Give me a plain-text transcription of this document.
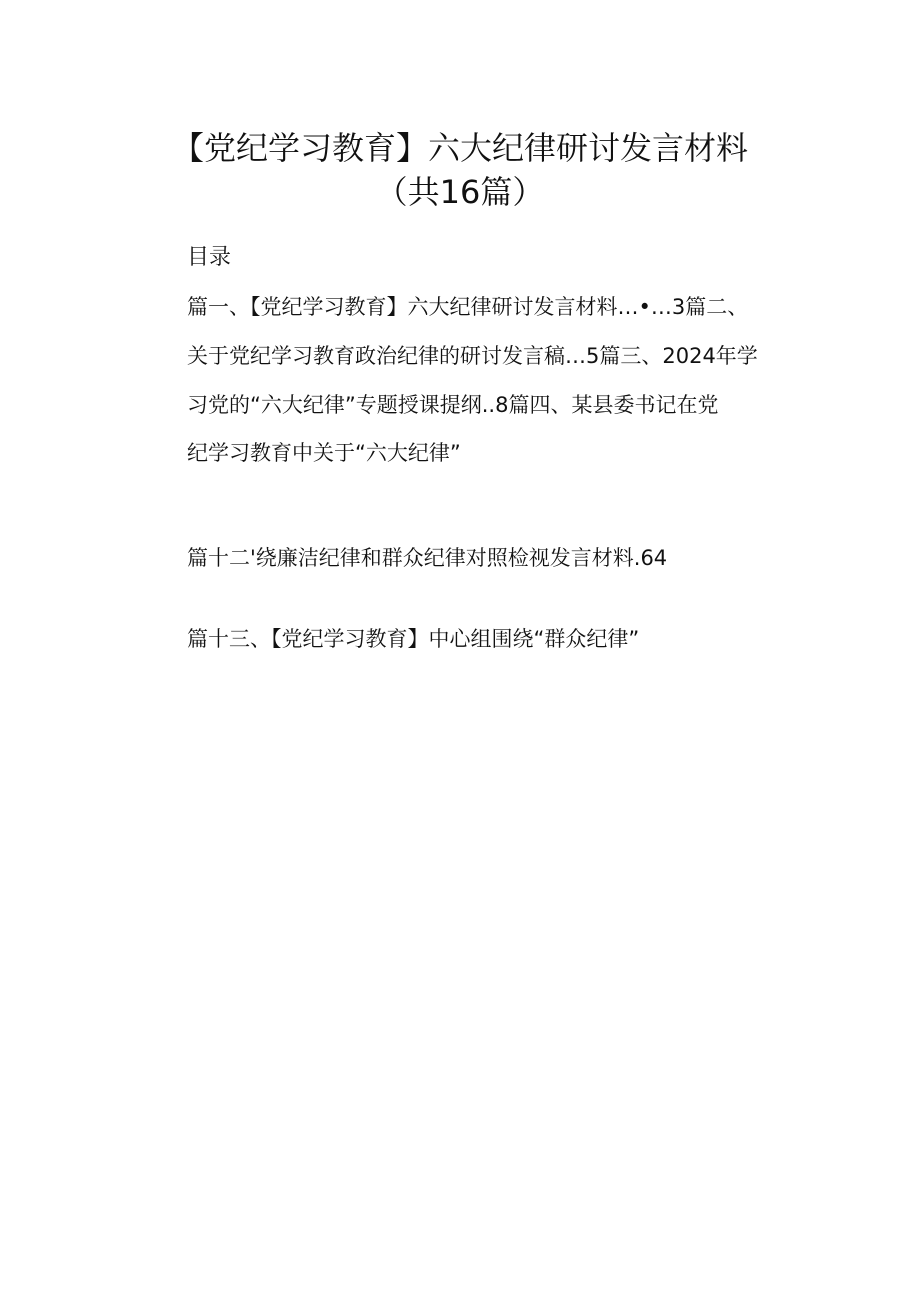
【党纪学习教育】六大纪律研讨发言材料
（共16篇）
目录
篇一、【党纪学习教育】六大纪律研讨发言材料…•…3篇二、
关于党纪学习教育政治纪律的研讨发言稿…5篇三、2024年学
习党的“六大纪律”专题授课提纲..8篇四、某县委书记在党
纪学习教育中关于“六大纪律”
篇十二'绕廉洁纪律和群众纪律对照检视发言材料.64
篇十三、【党纪学习教育】中心组围绕“群众纪律”
